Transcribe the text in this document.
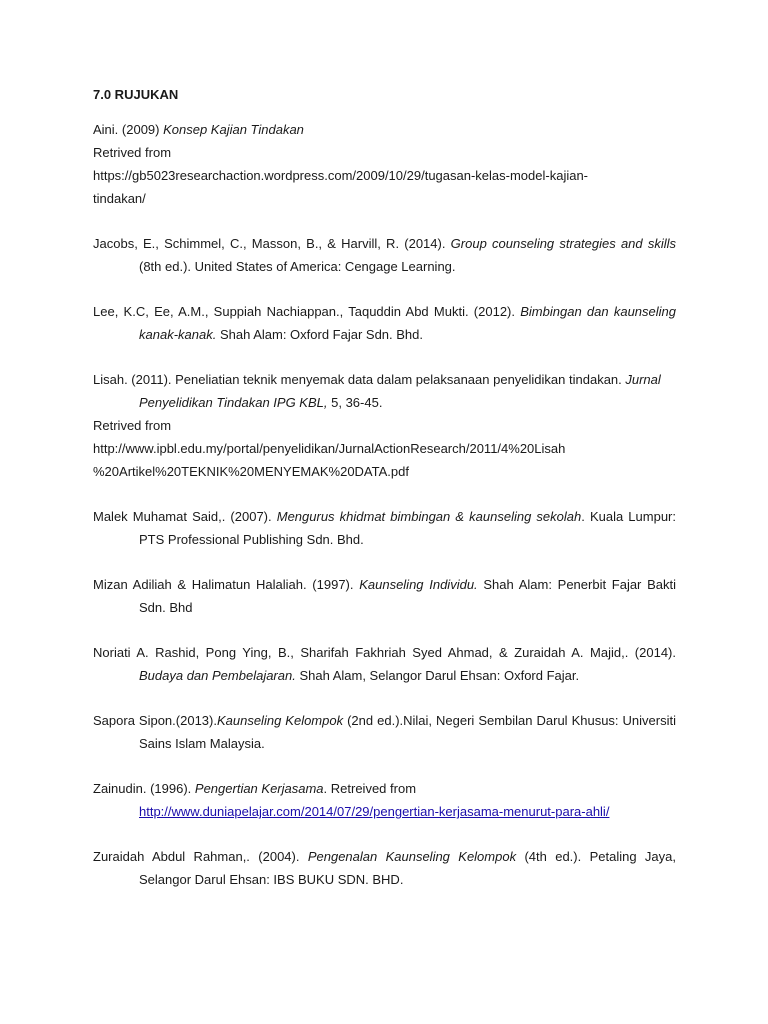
7.0 RUJUKAN
Aini. (2009) Konsep Kajian Tindakan
Retrived from
https://gb5023researchaction.wordpress.com/2009/10/29/tugasan-kelas-model-kajian-
tindakan/
Jacobs, E., Schimmel, C., Masson, B., & Harvill, R. (2014). Group counseling strategies and skills (8th ed.). United States of America: Cengage Learning.
Lee, K.C, Ee, A.M., Suppiah Nachiappan., Taquddin Abd Mukti. (2012). Bimbingan dan kaunseling kanak-kanak. Shah Alam: Oxford Fajar Sdn. Bhd.
Lisah. (2011). Peneliatian teknik menyemak data dalam pelaksanaan penyelidikan tindakan. Jurnal Penyelidikan Tindakan IPG KBL, 5, 36-45.
Retrived from
http://www.ipbl.edu.my/portal/penyelidikan/JurnalActionResearch/2011/4%20Lisah
%20Artikel%20TEKNIK%20MENYEMAK%20DATA.pdf
Malek Muhamat Said,. (2007). Mengurus khidmat bimbingan & kaunseling sekolah. Kuala Lumpur: PTS Professional Publishing Sdn. Bhd.
Mizan Adiliah & Halimatun Halaliah. (1997). Kaunseling Individu. Shah Alam: Penerbit Fajar Bakti Sdn. Bhd
Noriati A. Rashid, Pong Ying, B., Sharifah Fakhriah Syed Ahmad, & Zuraidah A. Majid,. (2014). Budaya dan Pembelajaran. Shah Alam, Selangor Darul Ehsan: Oxford Fajar.
Sapora Sipon.(2013).Kaunseling Kelompok (2nd ed.).Nilai, Negeri Sembilan Darul Khusus: Universiti Sains Islam Malaysia.
Zainudin. (1996). Pengertian Kerjasama. Retreived from
http://www.duniapelajar.com/2014/07/29/pengertian-kerjasama-menurut-para-ahli/
Zuraidah Abdul Rahman,. (2004). Pengenalan Kaunseling Kelompok (4th ed.). Petaling Jaya, Selangor Darul Ehsan: IBS BUKU SDN. BHD.
